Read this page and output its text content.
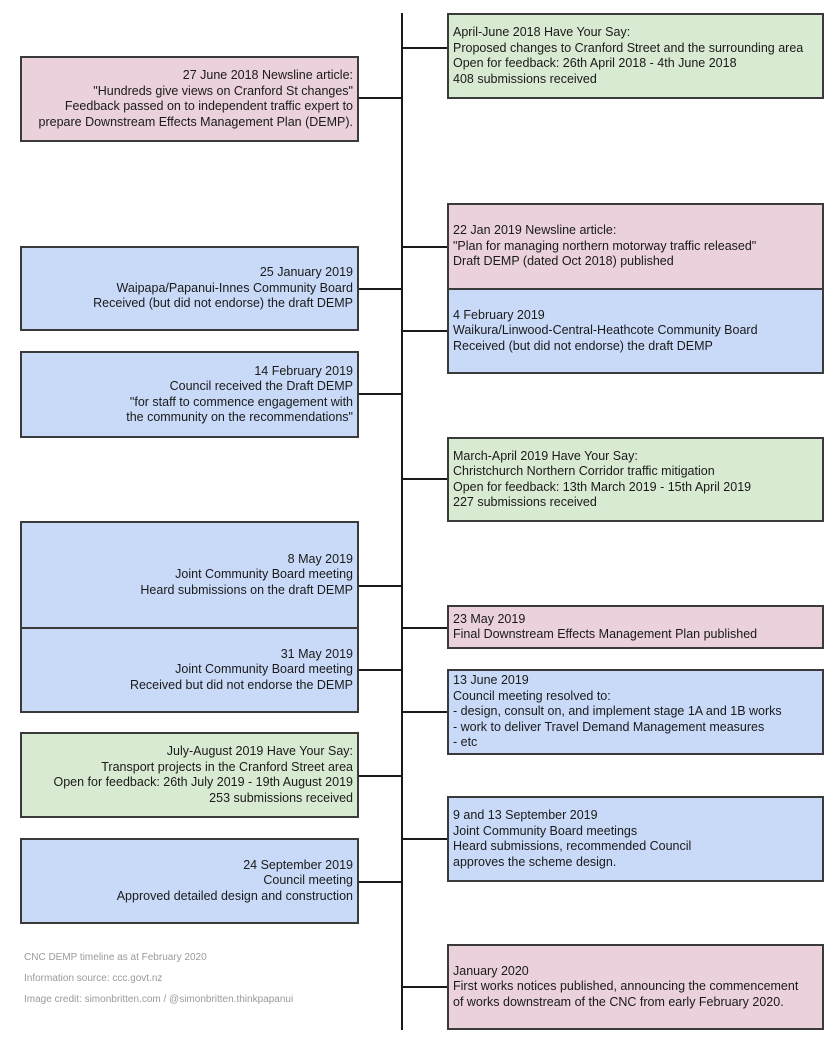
April-June 2018 Have Your Say:
Proposed changes to Cranford Street and the surrounding area
Open for feedback: 26th April 2018 - 4th June 2018
408 submissions received
27 June 2018 Newsline article:
"Hundreds give views on Cranford St changes"
Feedback passed on to independent traffic expert to
prepare Downstream Effects Management Plan (DEMP).
22 Jan 2019 Newsline article:
"Plan for managing northern motorway traffic released"
Draft DEMP (dated Oct 2018) published
25 January 2019
Waipapa/Papanui-Innes Community Board
Received (but did not endorse) the draft DEMP
4 February 2019
Waikura/Linwood-Central-Heathcote Community Board
Received (but did not endorse) the draft DEMP
14 February 2019
Council received the Draft DEMP
"for staff to commence engagement with
the community on the recommendations"
March-April 2019 Have Your Say:
Christchurch Northern Corridor traffic mitigation
Open for feedback: 13th March 2019 - 15th April 2019
227 submissions received
8 May 2019
Joint Community Board meeting
Heard submissions on the draft DEMP
23 May 2019
Final Downstream Effects Management Plan published
31 May 2019
Joint Community Board meeting
Received but did not endorse the DEMP	13 June 2019
Council meeting resolved to:
- design, consult on, and implement stage 1A and 1B works
- work to deliver Travel Demand Management measures
- etc
July-August 2019 Have Your Say:
Transport projects in the Cranford Street area
Open for feedback: 26th July 2019 - 19th August 2019
253 submissions received
9 and 13 September 2019
Joint Community Board meetings
Heard submissions, recommended Council
approves the scheme design.
24 September 2019
Council meeting
Approved detailed design and construction
January 2020
First works notices published, announcing the commencement
of works downstream of the CNC from early February 2020.
CNC DEMP timeline as at February 2020
Information source: ccc.govt.nz
Image credit: simonbritten.com / @simonbritten.thinkpapanui
